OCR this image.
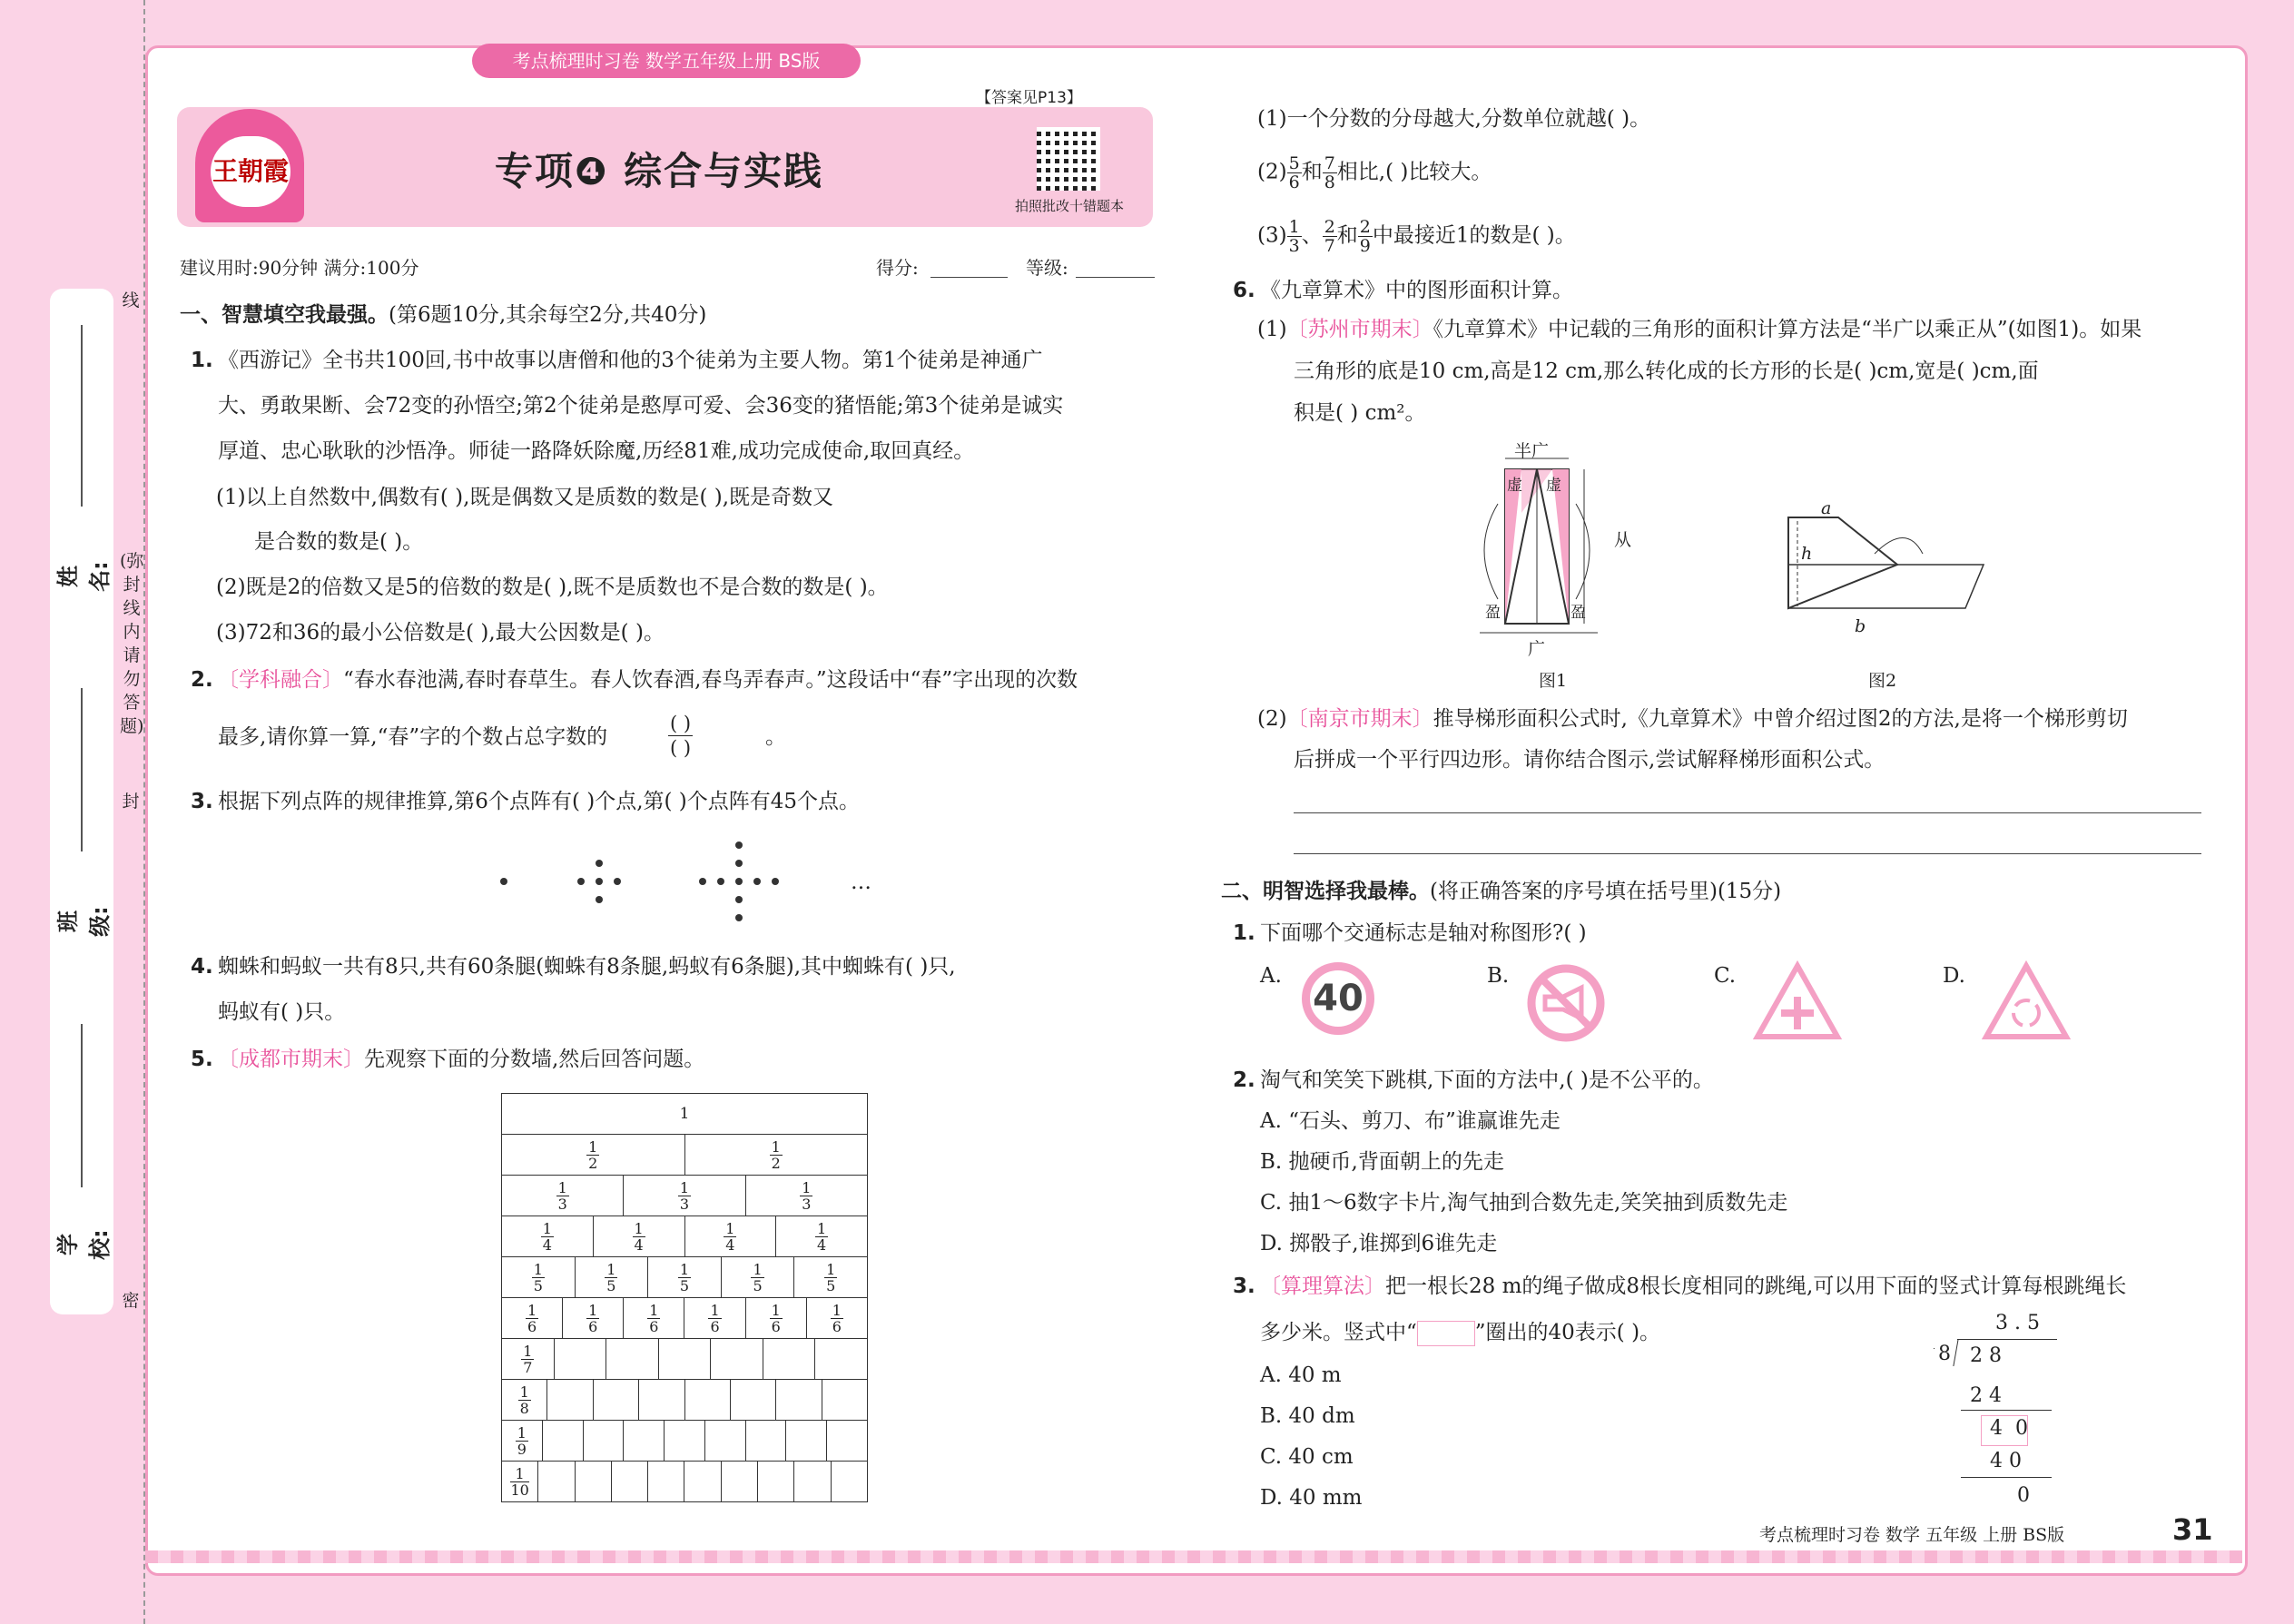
考点梳理时习卷 数学五年级上册 BS版
姓名:
班级:
学校:
线
(弥封线内请勿答题)
封
密
王朝霞	专项❹ 综合与实践
【答案见P13】
拍照批改十错题本
建议用时:90分钟 满分:100分	得分:	等级:
一、智慧填空我最强。(第6题10分,其余每空2分,共40分)
1. 《西游记》全书共100回,书中故事以唐僧和他的3个徒弟为主要人物。第1个徒弟是神通广
大、勇敢果断、会72变的孙悟空;第2个徒弟是憨厚可爱、会36变的猪悟能;第3个徒弟是诚实
厚道、忠心耿耿的沙悟净。师徒一路降妖除魔,历经81难,成功完成使命,取回真经。
(1)以上自然数中,偶数有( ),既是偶数又是质数的数是( ),既是奇数又
是合数的数是( )。
(2)既是2的倍数又是5的倍数的数是( ),既不是质数也不是合数的数是( )。
(3)72和36的最小公倍数是( ),最大公因数是( )。
2. 〔学科融合〕“春水春池满,春时春草生。春人饮春酒,春鸟弄春声。”这段话中“春”字出现的次数
最多,请你算一算,“春”字的个数占总字数的	$\frac{( )}{( )}$	。
3. 根据下列点阵的规律推算,第6个点阵有( )个点,第( )个点阵有45个点。
…
4. 蜘蛛和蚂蚁一共有8只,共有60条腿(蜘蛛有8条腿,蚂蚁有6条腿),其中蜘蛛有( )只,
蚂蚁有( )只。
5. 〔成都市期末〕先观察下面的分数墙,然后回答问题。
1
$\frac{1}{2}$	$\frac{1}{2}$
$\frac{1}{3}$	$\frac{1}{3}$	$\frac{1}{3}$
$\frac{1}{4}$	$\frac{1}{4}$	$\frac{1}{4}$	$\frac{1}{4}$
$\frac{1}{5}$	$\frac{1}{5}$	$\frac{1}{5}$	$\frac{1}{5}$	$\frac{1}{5}$
$\frac{1}{6}$	$\frac{1}{6}$	$\frac{1}{6}$	$\frac{1}{6}$	$\frac{1}{6}$	$\frac{1}{6}$
$\frac{1}{7}$

$\frac{1}{8}$

$\frac{1}{9}$

$\frac{1}{10}$

(1)一个分数的分母越大,分数单位就越( )。
$(2) \frac{5}{6}$ 和 $\frac{7}{8}$ 相比,( )比较大。
$(3) \frac{1}{3}$ 、 $\frac{2}{7}$ 和 $\frac{2}{9}$ 中最接近1的数是( )。
6. 《九章算术》中的图形面积计算。
(1)〔苏州市期末〕《九章算术》中记载的三角形的面积计算方法是“半广以乘正从”(如图1)。如果
三角形的底是10 cm,高是12 cm,那么转化成的长方形的长是( )cm,宽是( )cm,面
积是( ) cm²。
半广
从
广
虚 虚
盈	盈
图1
a
h
b
图2
(2)〔南京市期末〕推导梯形面积公式时,《九章算术》中曾介绍过图2的方法,是将一个梯形剪切
后拼成一个平行四边形。请你结合图示,尝试解释梯形面积公式。
二、明智选择我最棒。(将正确答案的序号填在括号里)(15分)
1. 下面哪个交通标志是轴对称图形?( )
A.
40
B.	C.	D.
2. 淘气和笑笑下跳棋,下面的方法中,( )是不公平的。
A. “石头、剪刀、布”谁赢谁先走
B. 抛硬币,背面朝上的先走
C. 抽1～6数字卡片,淘气抽到合数先走,笑笑抽到质数先走
D. 掷骰子,谁掷到6谁先走
3. 〔算理算法〕把一根长28 m的绳子做成8根长度相同的跳绳,可以用下面的竖式计算每根跳绳长
多少米。竖式中“	”圈出的40表示( )。
A. 40 m
B. 40 dm
C. 40 cm
D. 40 mm
3 . 5
8 2 8
2 4
4 0
4 0
0
考点梳理时习卷 数学 五年级 上册 BS版	31
